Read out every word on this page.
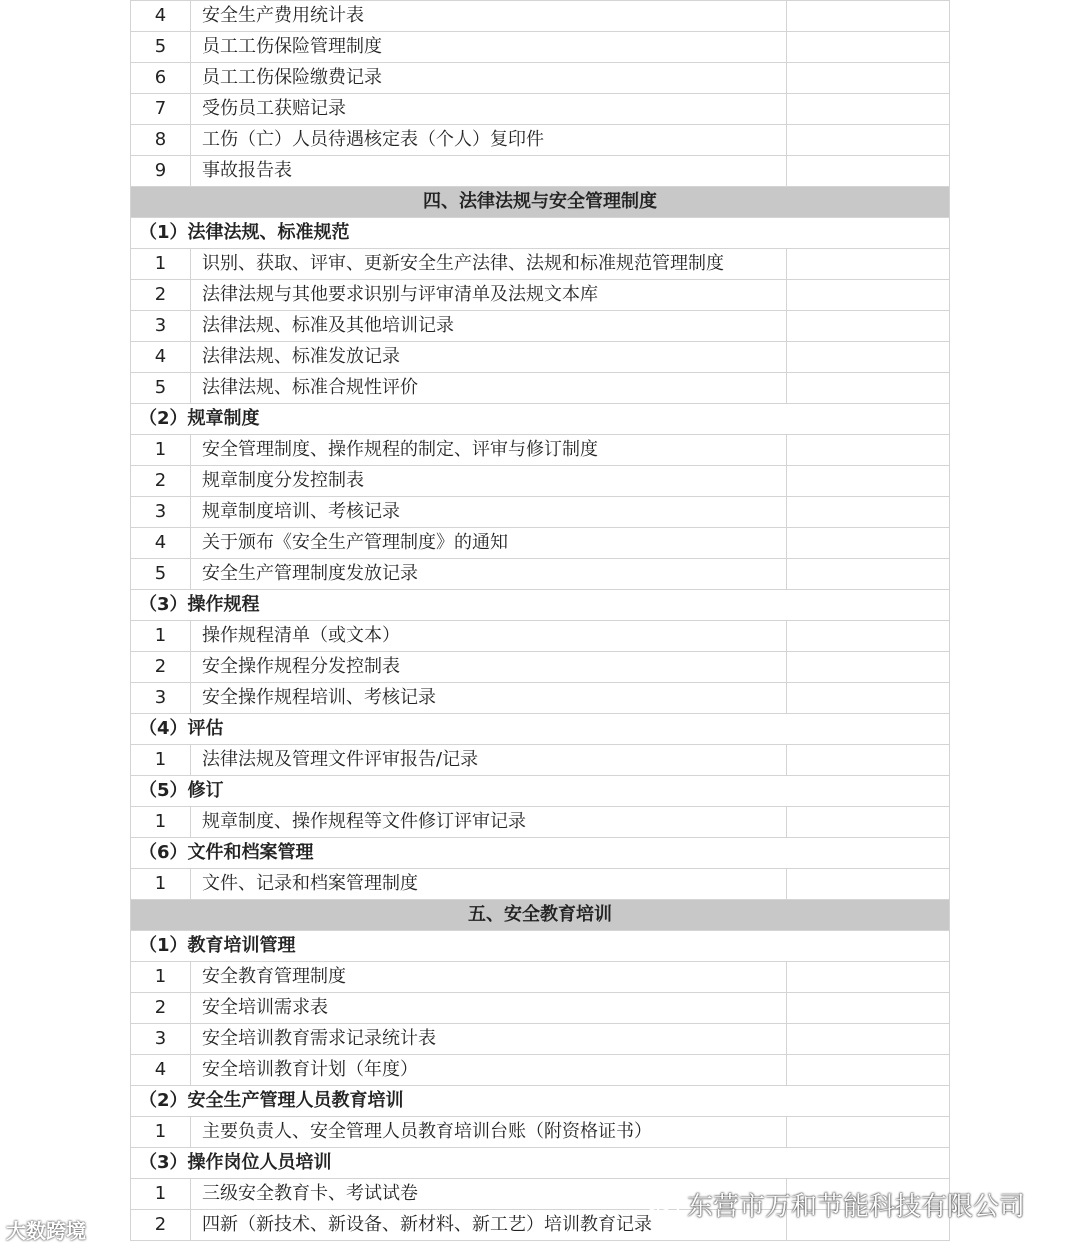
4	安全生产费用统计表	
5	员工工伤保险管理制度	
6	员工工伤保险缴费记录	
7	受伤员工获赔记录	
8	工伤（亡）人员待遇核定表（个人）复印件	
9	事故报告表	
四、法律法规与安全管理制度		
（1）法律法规、标准规范		
1	识别、获取、评审、更新安全生产法律、法规和标准规范管理制度	
2	法律法规与其他要求识别与评审清单及法规文本库	
3	法律法规、标准及其他培训记录	
4	法律法规、标准发放记录	
5	法律法规、标准合规性评价	
（2）规章制度		
1	安全管理制度、操作规程的制定、评审与修订制度	
2	规章制度分发控制表	
3	规章制度培训、考核记录	
4	关于颁布《安全生产管理制度》的通知	
5	安全生产管理制度发放记录	
（3）操作规程		
1	操作规程清单（或文本）	
2	安全操作规程分发控制表	
3	安全操作规程培训、考核记录	
（4）评估		
1	法律法规及管理文件评审报告/记录	
（5）修订		
1	规章制度、操作规程等文件修订评审记录	
（6）文件和档案管理		
1	文件、记录和档案管理制度	
五、安全教育培训		
（1）教育培训管理		
1	安全教育管理制度	
2	安全培训需求表	
3	安全培训教育需求记录统计表	
4	安全培训教育计划（年度）	
（2）安全生产管理人员教育培训		
1	主要负责人、安全管理人员教育培训台账（附资格证书）	
（3）操作岗位人员培训		
1	三级安全教育卡、考试试卷	
2	四新（新技术、新设备、新材料、新工艺）培训教育记录	
大数跨境
东营市万和节能科技有限公司
